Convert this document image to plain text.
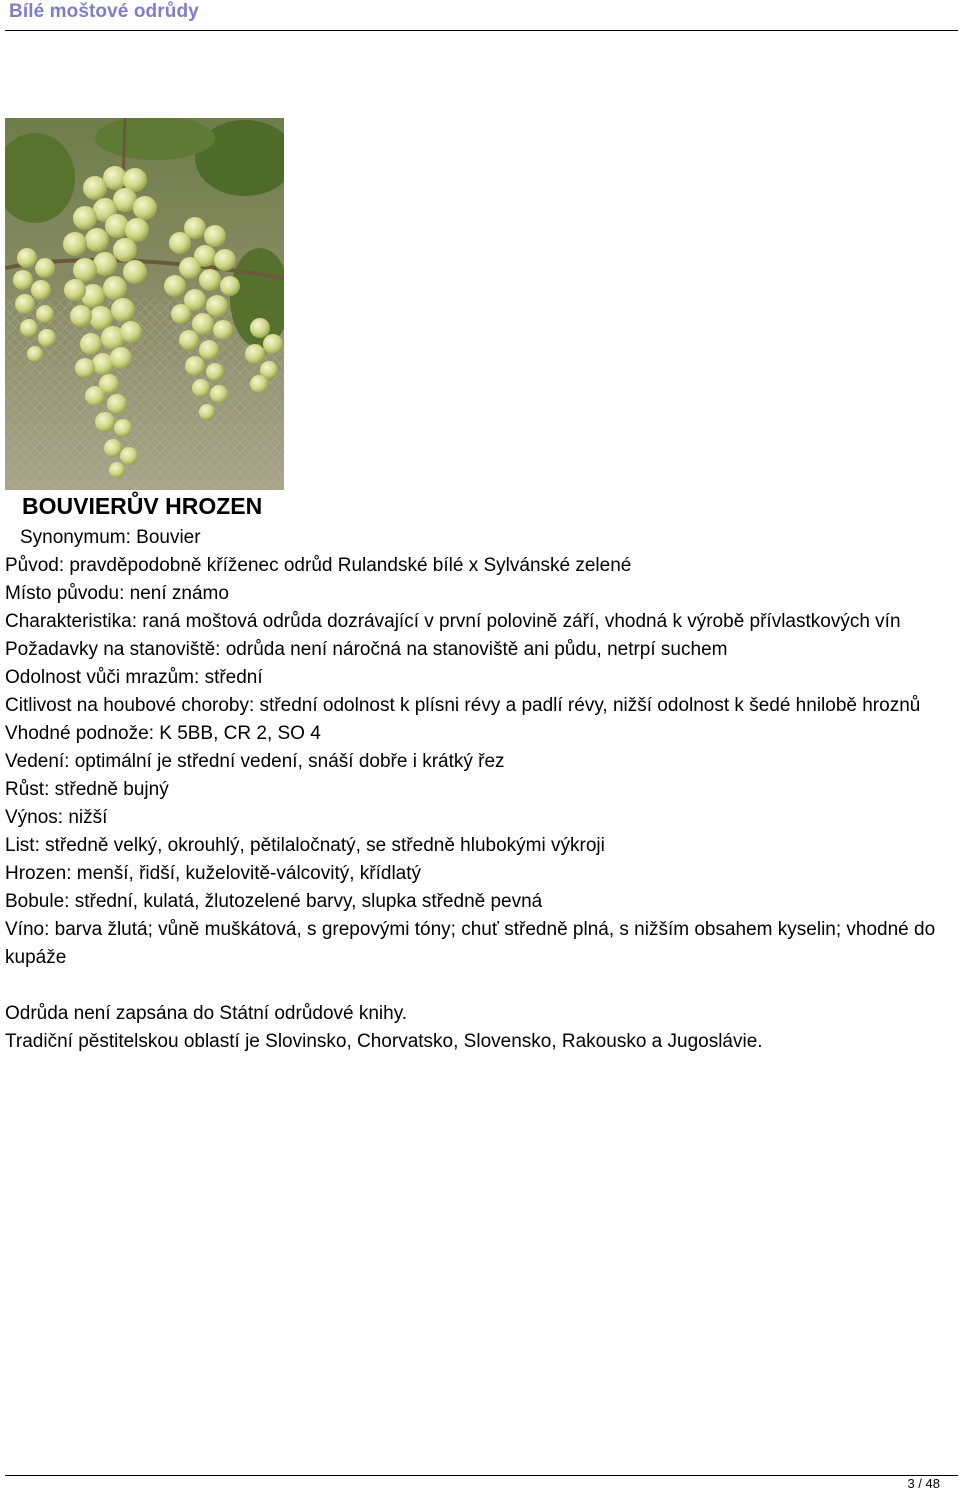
Bílé moštové odrůdy
BOUVIERŮV HROZEN
Synonymum: Bouvier

Původ: pravděpodobně kříženec odrůd Rulandské bílé x Sylvánské zelené

Místo původu: není známo

Charakteristika: raná moštová odrůda dozrávající v první polovině září, vhodná k výrobě přívlastkových vín

Požadavky na stanoviště: odrůda není náročná na stanoviště ani půdu, netrpí suchem

Odolnost vůči mrazům: střední

Citlivost na houbové choroby: střední odolnost k plísni révy a padlí révy, nižší odolnost k šedé hnilobě hroznů

Vhodné podnože: K 5BB, CR 2, SO 4

Vedení: optimální je střední vedení, snáší dobře i krátký řez

Růst: středně bujný

Výnos: nižší

List: středně velký, okrouhlý, pětilaločnatý, se středně hlubokými výkroji

Hrozen: menší, řidší, kuželovitě-válcovitý, křídlatý

Bobule: střední, kulatá, žlutozelené barvy, slupka středně pevná

Víno: barva žlutá; vůně muškátová, s grepovými tóny; chuť středně plná, s nižším obsahem kyselin; vhodné do kupáže

Odrůda není zapsána do Státní odrůdové knihy.

Tradiční pěstitelskou oblastí je Slovinsko, Chorvatsko, Slovensko, Rakousko a Jugoslávie.

3 / 48
